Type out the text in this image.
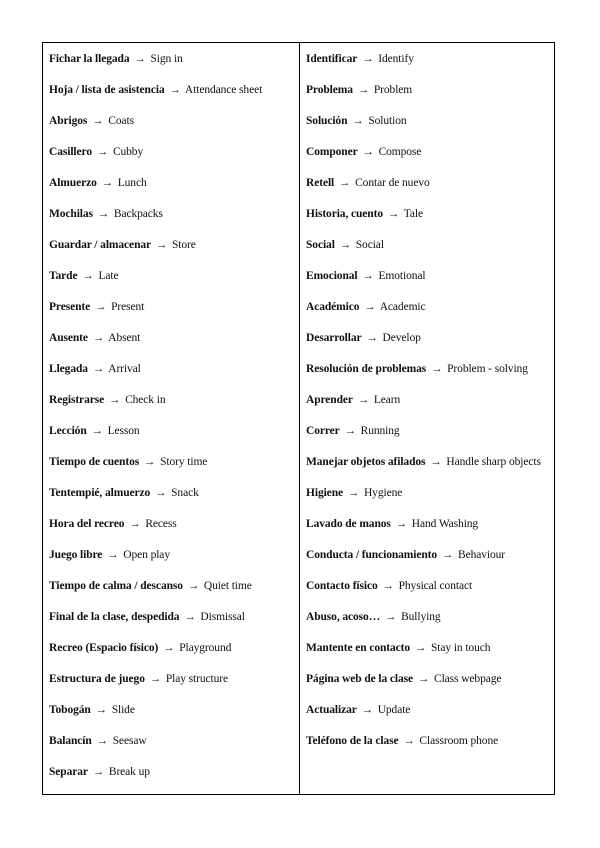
Fichar la llegada → Sign in
Hoja / lista de asistencia → Attendance sheet
Abrigos → Coats
Casillero → Cubby
Almuerzo → Lunch
Mochilas → Backpacks
Guardar / almacenar → Store
Tarde → Late
Presente → Present
Ausente → Absent
Llegada → Arrival
Registrarse → Check in
Lección → Lesson
Tiempo de cuentos → Story time
Tentempié, almuerzo → Snack
Hora del recreo → Recess
Juego libre → Open play
Tiempo de calma / descanso → Quiet time
Final de la clase, despedida → Dismissal
Recreo (Espacio físico) → Playground
Estructura de juego → Play structure
Tobogán → Slide
Balancín → Seesaw
Separar → Break up
Identificar → Identify
Problema → Problem
Solución → Solution
Componer → Compose
Retell → Contar de nuevo
Historia, cuento → Tale
Social → Social
Emocional → Emotional
Académico → Academic
Desarrollar → Develop
Resolución de problemas → Problem - solving
Aprender → Learn
Correr → Running
Manejar objetos afilados → Handle sharp objects
Higiene → Hygiene
Lavado de manos → Hand Washing
Conducta / funcionamiento → Behaviour
Contacto físico → Physical contact
Abuso, acoso… → Bullying
Mantente en contacto → Stay in touch
Página web de la clase → Class webpage
Actualizar → Update
Teléfono de la clase → Classroom phone
